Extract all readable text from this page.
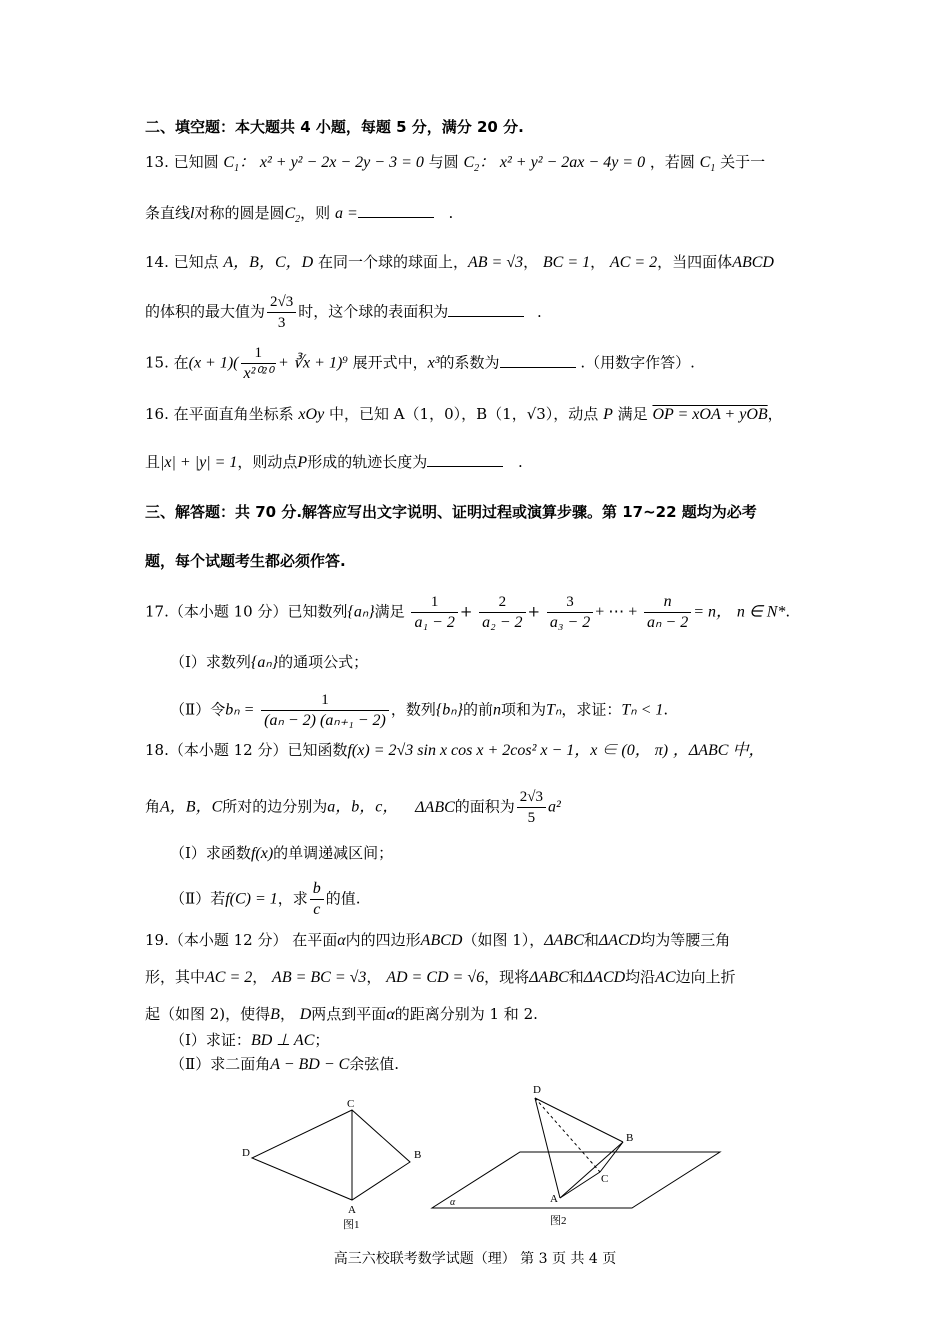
二、填空题：本大题共 4 小题，每题 5 分，满分 20 分.
13. 已知圆 $C_1$： x² + y² − 2x − 2y − 3 = 0 与圆 $C_2$： x² + y² − 2ax − 4y = 0 ，若圆 $C_1$ 关于一
条直线l对称的圆是圆$C_2$，则 a =	.
14. 已知点 A，B，C，D 在同一个球的球面上，AB = √3， BC = 1， AC = 2，当四面体ABCD
的体积的最大值为 $\frac{2√3}{3}$ 时，这个球的表面积为	.
15. 在$(x + 1)( \frac{1}{\text{x²⁰²⁰}}$ + ∛x + 1)⁹ 展开式中，x³的系数为	.（用数字作答）.
16. 在平面直角坐标系 xOy 中，已知 A（1，0），B（1，√3），动点 P 满足 OP = xOA + yOB，
且|x| + |y| = 1，则动点P形成的轨迹长度为	.
三、解答题：共 70 分.解答应写出文字说明、证明过程或演算步骤。第 17~22 题均为必考
题，每个试题考生都必须作答.
17.（本小题 10 分）已知数列{aₙ}满足 $\frac{1}{\text{a₁ − 2}} + \frac{2}{\text{a₂ − 2}} + \frac{3}{\text{a₃ − 2}}$ + ⋯ + $\frac{n}{\text{aₙ − 2}} = n$， n ∈ N*.
（Ⅰ）求数列{aₙ}的通项公式；
（Ⅱ）令$b_n = \frac{1}{\text{(aₙ − 2) (aₙ₊₁ − 2)}}$ ，数列{bₙ}的前n项和为Tₙ，求证：Tₙ < 1.
18.（本小题 12 分）已知函数f(x) = 2√3 sin x cos x + 2cos² x − 1，x ∈ (0， π) ，ΔABC 中，
角A，B，C所对的边分别为a，b，c， ΔABC的面积为 $\frac{2√3}{5} a^2$
（Ⅰ）求函数f(x)的单调递减区间；
（Ⅱ）若f(C) = 1，求 $\frac{b}{c}$ 的值.
19.（本小题 12 分） 在平面α内的四边形ABCD（如图 1），ΔABC和ΔACD均为等腰三角
形，其中AC = 2， AB = BC = √3， AD = CD = √6，现将ΔABC和ΔACD均沿AC边向上折
起（如图 2)，使得B， D两点到平面α的距离分别为 1 和 2.
（Ⅰ）求证：BD ⊥ AC；
（Ⅱ）求二面角A − BD − C余弦值.
C
D	B
A
图1
D
B
C
A
α
图2
高三六校联考数学试题（理） 第 3 页 共 4 页
